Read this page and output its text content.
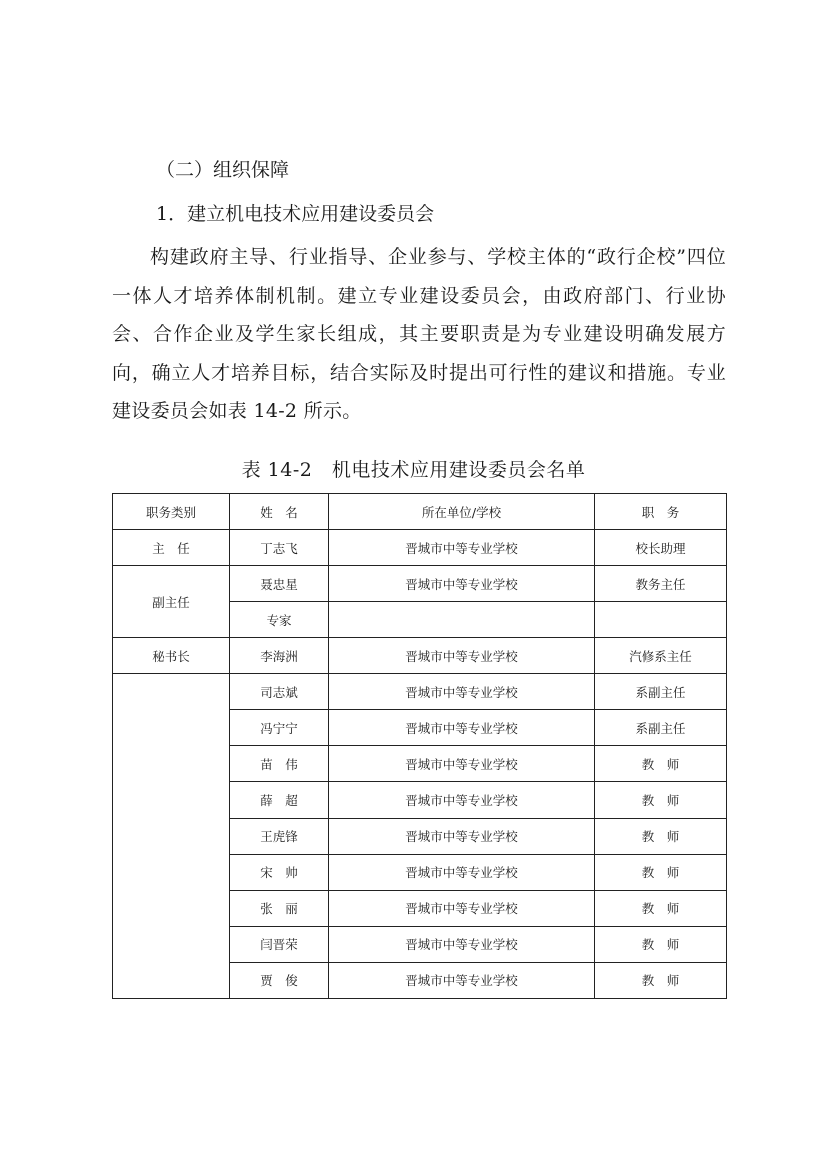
（二）组织保障
1．建立机电技术应用建设委员会
构建政府主导、行业指导、企业参与、学校主体的“政行企校”四位一体人才培养体制机制。建立专业建设委员会，由政府部门、行业协会、合作企业及学生家长组成，其主要职责是为专业建设明确发展方向，确立人才培养目标，结合实际及时提出可行性的建议和措施。专业建设委员会如表 14-2 所示。
表 14-2　机电技术应用建设委员会名单
职务类别	姓　名	所在单位/学校	职　务
主　任	丁志飞	晋城市中等专业学校	校长助理
副主任	聂忠星	晋城市中等专业学校	教务主任
	专家		
秘书长	李海洲	晋城市中等专业学校	汽修系主任
	司志斌	晋城市中等专业学校	系副主任
	冯宁宁	晋城市中等专业学校	系副主任
	苗　伟	晋城市中等专业学校	教　师
	薛　超	晋城市中等专业学校	教　师
	王虎锋	晋城市中等专业学校	教　师
	宋　帅	晋城市中等专业学校	教　师
	张　丽	晋城市中等专业学校	教　师
	闫晋荣	晋城市中等专业学校	教　师
	贾　俊	晋城市中等专业学校	教　师
